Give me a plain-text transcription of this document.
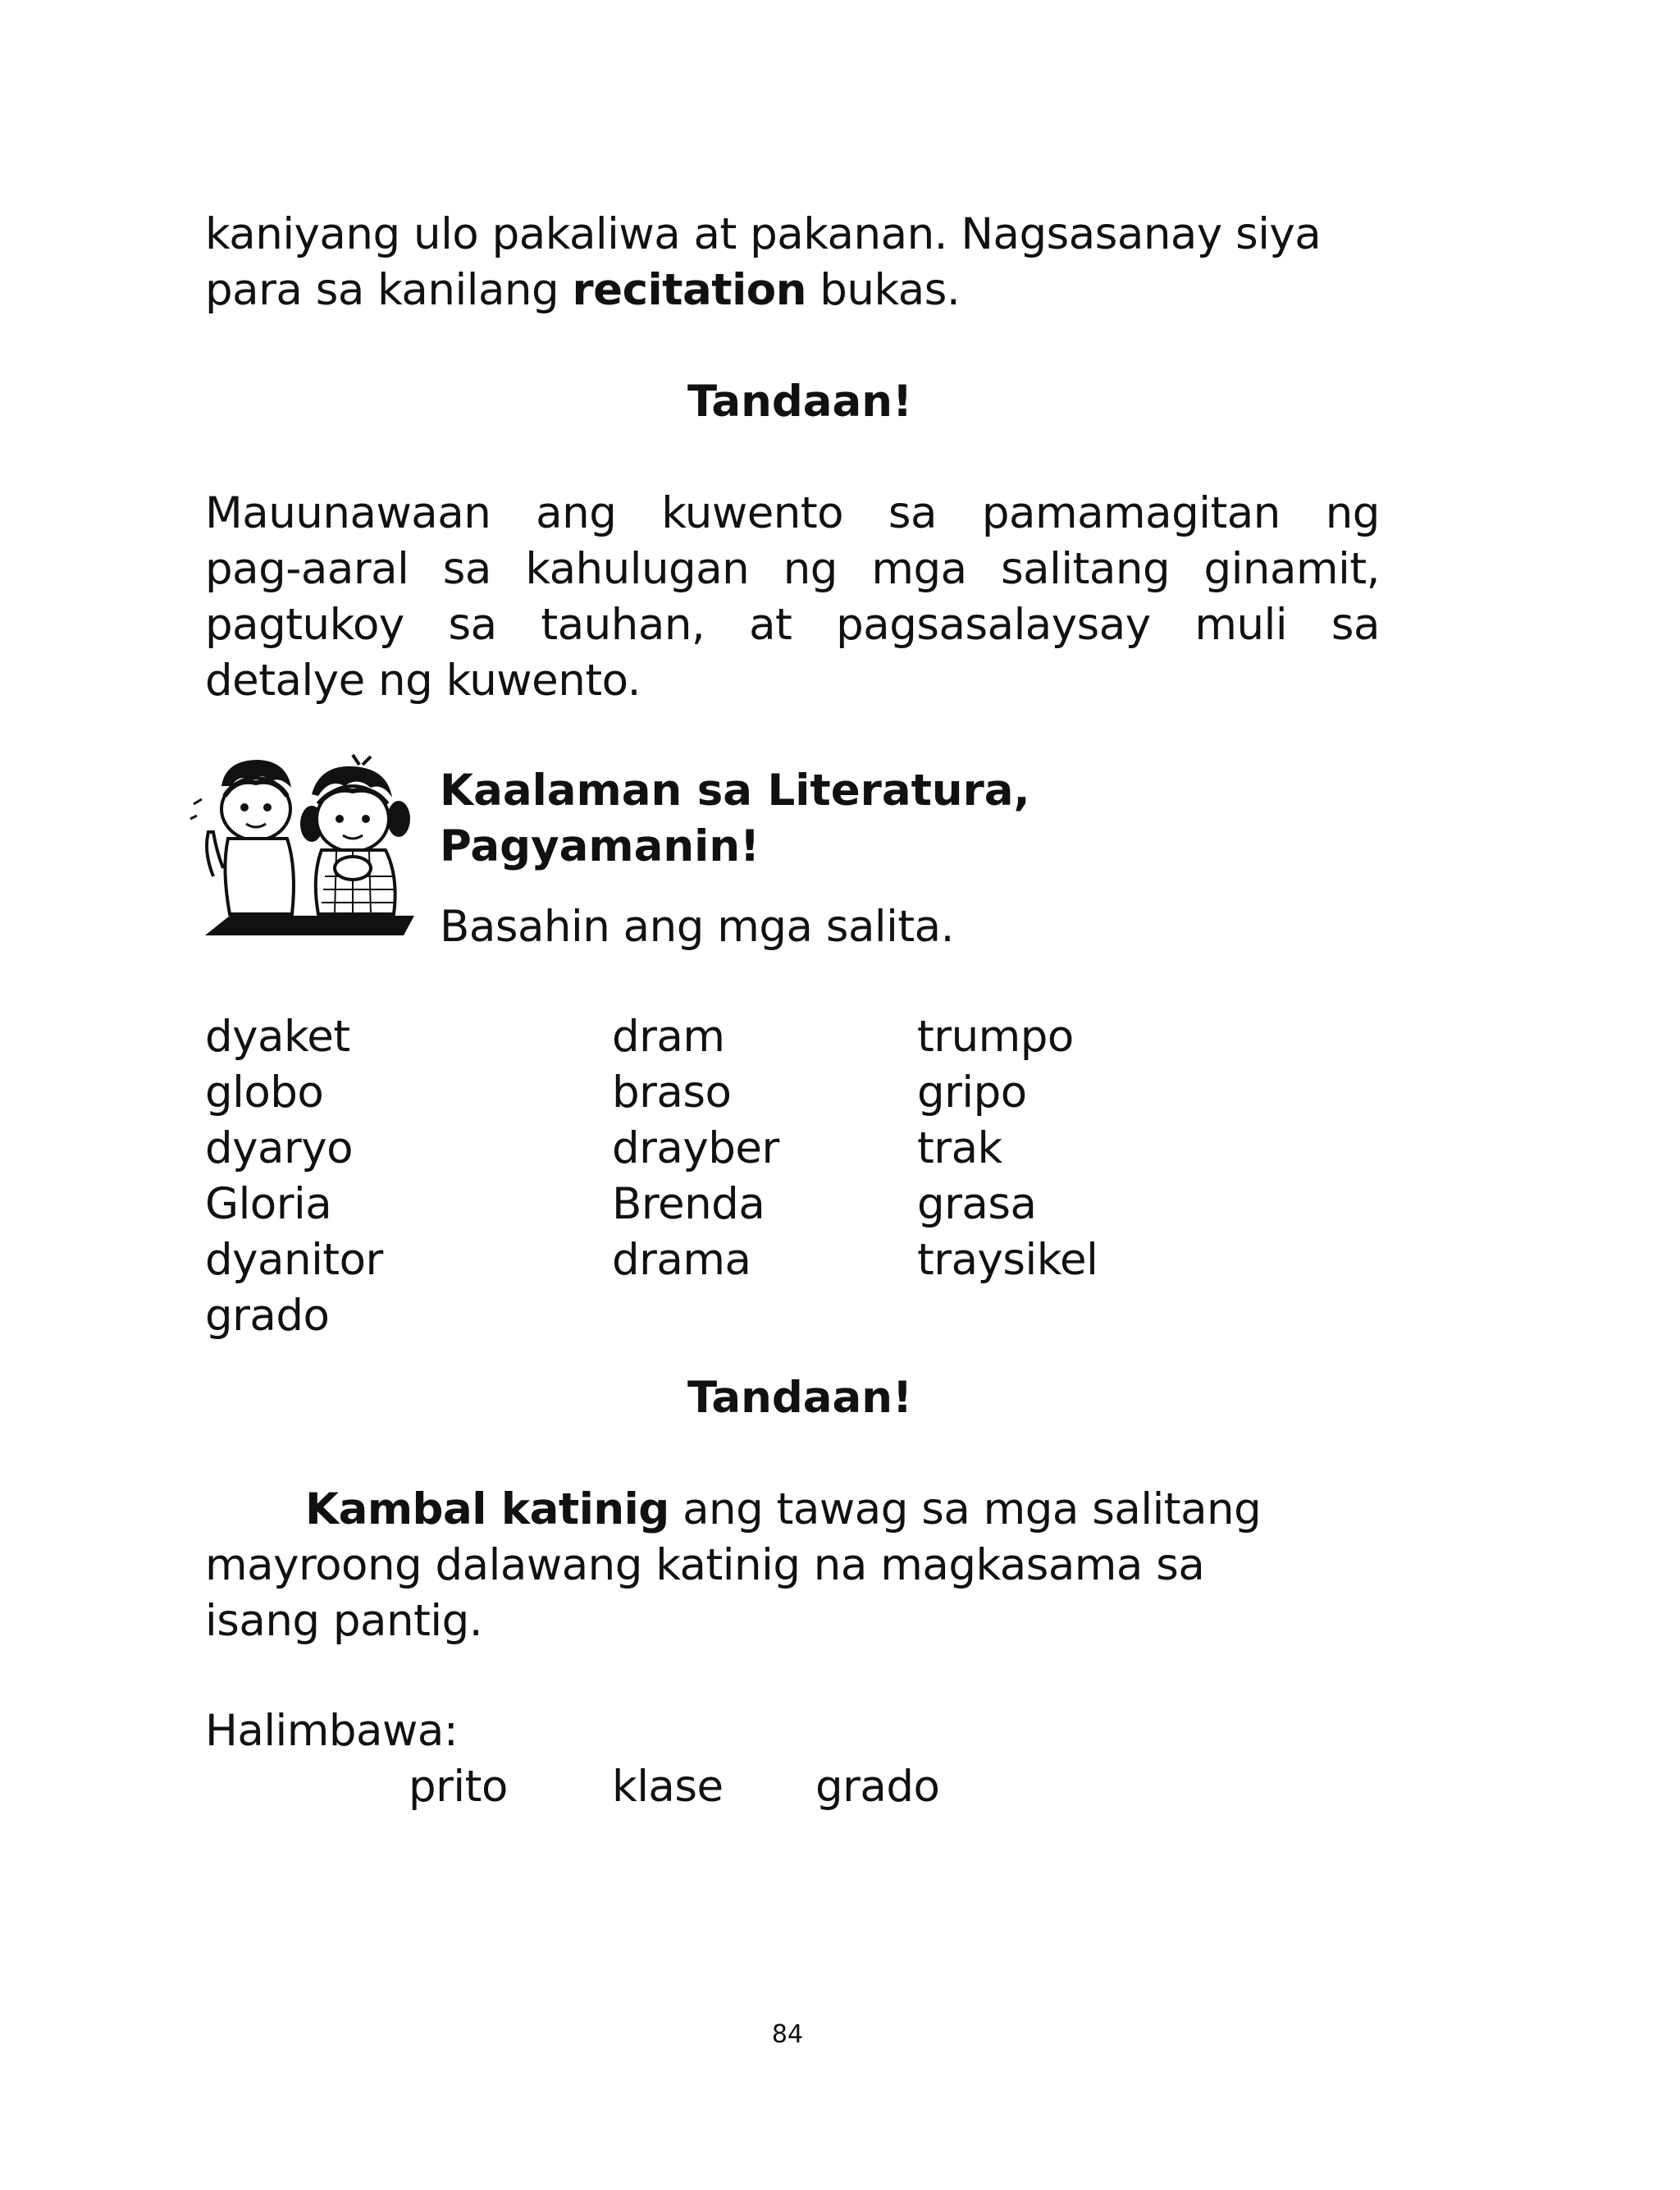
kaniyang ulo pakaliwa at pakanan. Nagsasanay siya
para sa kanilang recitation bukas.
Tandaan!
Mauunawaan ang kuwento sa pamamagitan ng
pag-aaral sa kahulugan ng mga salitang ginamit,
pagtukoy sa tauhan, at pagsasalaysay muli sa
detalye ng kuwento.
Kaalaman sa Literatura,
Pagyamanin!
Basahin ang mga salita.
dyaket
globo
dyaryo
Gloria
dyanitor
grado
dram
braso
drayber
Brenda
drama
trumpo
gripo
trak
grasa
traysikel
Tandaan!
Kambal katinig ang tawag sa mga salitang
mayroong dalawang katinig na magkasama sa
isang pantig.
Halimbawa:
prito klase grado
84
